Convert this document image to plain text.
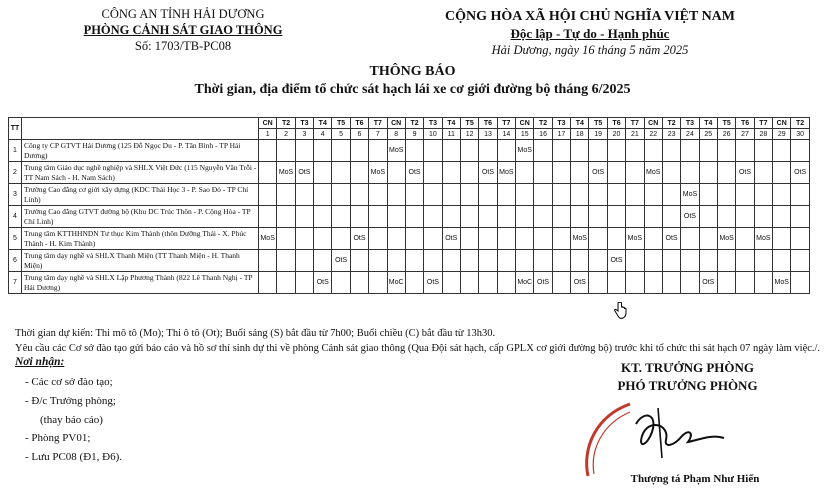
CÔNG AN TỈNH HẢI DƯƠNG
PHÒNG CẢNH SÁT GIAO THÔNG
Số: 1703/TB-PC08
CỘNG HÒA XÃ HỘI CHỦ NGHĨA VIỆT NAM
Độc lập - Tự do - Hạnh phúc
Hải Dương, ngày 16 tháng 5 năm 2025
THÔNG BÁO
Thời gian, địa điểm tổ chức sát hạch lái xe cơ giới đường bộ tháng 6/2025
TT		CN	T2	T3	T4	T5	T6	T7	CN	T2	T3	T4	T5	T6	T7	CN	T2	T3	T4	T5	T6	T7	CN	T2	T3	T4	T5	T6	T7	CN	T2
		1	2	3	4	5	6	7	8	9	10	11	12	13	14	15	16	17	18	19	20	21	22	23	24	25	26	27	28	29	30
1	Công ty CP GTVT Hải Dương (125 Đỗ Ngọc Du - P. Tân Bình - TP Hải Dương)								MoS							MoS															
2	Trung tâm Giáo dục nghề nghiệp và SHLX Việt Đức (115 Nguyễn Văn Trỗi - TT Nam Sách - H. Nam Sách)		MoS	OtS				MoS		OtS				OtS	MoS					OtS			MoS					OtS			OtS
3	Trường Cao đẳng cơ giới xây dựng (KDC Thái Học 3 - P. Sao Đỏ - TP Chí Linh)																								MoS						
4	Trường Cao đẳng GTVT đường bộ (Khu DC Trúc Thôn - P. Cộng Hòa - TP Chí Linh)																								OtS						
5	Trung tâm KTTHHNDN Tư thục Kim Thành (thôn Dưỡng Thái - X. Phúc Thành - H. Kim Thành)	MoS					OtS					OtS							MoS			MoS		OtS			MoS		MoS		
6	Trung tâm dạy nghề và SHLX Thanh Miện (TT Thanh Miện - H. Thanh Miện)					OtS															OtS										
7	Trung tâm dạy nghề và SHLX Lập Phương Thành (822 Lê Thanh Nghị - TP Hải Dương)				OtS				MoC		OtS					MoC	OtS		OtS							OtS				MoS	
Thời gian dự kiến: Thi mô tô (Mo); Thi ô tô (Ot); Buổi sáng (S) bắt đầu từ 7h00; Buổi chiều (C) bắt đầu từ 13h30.
Yêu cầu các Cơ sở đào tạo gửi báo cáo và hồ sơ thí sinh dự thi về phòng Cảnh sát giao thông (Qua Đội sát hạch, cấp GPLX cơ giới đường bộ) trước khi tổ chức thi sát hạch 07 ngày làm việc./.
Nơi nhận:
- Các cơ sở đào tạo;
- Đ/c Trưởng phòng;
(thay báo cáo)
- Phòng PV01;
- Lưu PC08 (Đ1, Đ6).
KT. TRƯỞNG PHÒNG
PHÓ TRƯỞNG PHÒNG
Thượng tá Phạm Như Hiển
